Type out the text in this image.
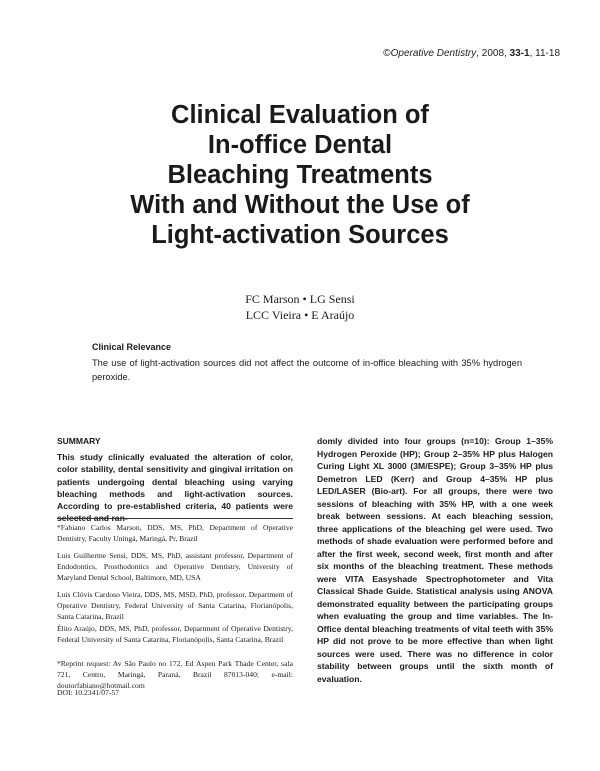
©Operative Dentistry, 2008, 33-1, 11-18
Clinical Evaluation of
In-office Dental
Bleaching Treatments
With and Without the Use of
Light-activation Sources
FC Marson • LG Sensi
LCC Vieira • E Araújo
Clinical Relevance

The use of light-activation sources did not affect the outcome of in-office bleaching with 35% hydrogen peroxide.

SUMMARY

This study clinically evaluated the alteration of color, color stability, dental sensitivity and gingival irritation on patients undergoing dental bleaching using varying bleaching methods and light-activation sources. According to pre-established criteria, 40 patients were selected and ran-

domly divided into four groups (n=10): Group 1–35% Hydrogen Peroxide (HP); Group 2–35% HP plus Halogen Curing Light XL 3000 (3M/ESPE); Group 3–35% HP plus Demetron LED (Kerr) and Group 4–35% HP plus LED/LASER (Bio-art). For all groups, there were two sessions of bleaching with 35% HP, with a one week break between sessions. At each bleaching session, three applications of the bleaching gel were used. Two methods of shade evaluation were performed before and after the first week, second week, first month and after six months of the bleaching treatment. These methods were VITA Easyshade Spectrophotometer and Vita Classical Shade Guide. Statistical analysis using ANOVA demonstrated equality between the participating groups when evaluating the group and time variables. The In-Office dental bleaching treatments of vital teeth with 35% HP did not prove to be more effective than when light sources were used. There was no difference in color stability between groups until the sixth month of evaluation.

*Fabiano Carlos Marson, DDS, MS, PhD, Department of Operative Dentistry, Faculty Uningá, Maringá, Pr, Brazil

Luis Guilherme Sensi, DDS, MS, PhD, assistant professor, Department of Endodontics, Prosthodontics and Operative Dentistry, University of Maryland Dental School, Baltimore, MD, USA

Luis Clóvis Cardoso Vieira, DDS, MS, MSD, PhD, professor, Department of Operative Dentistry, Federal University of Santa Catarina, Florianópolis, Santa Catarina, Brazil

Élito Araújo, DDS, MS, PhD, professor, Department of Operative Dentistry, Federal University of Santa Catarina, Florianópolis, Santa Catarina, Brazil

*Reprint request: Av São Paulo no 172, Ed Aspen Park Thade Center, sala 721, Centro, Maringá, Paraná, Brazil 87013-040; e-mail: doutorfabiano@hotmail.com

DOI: 10.2341/07-57
